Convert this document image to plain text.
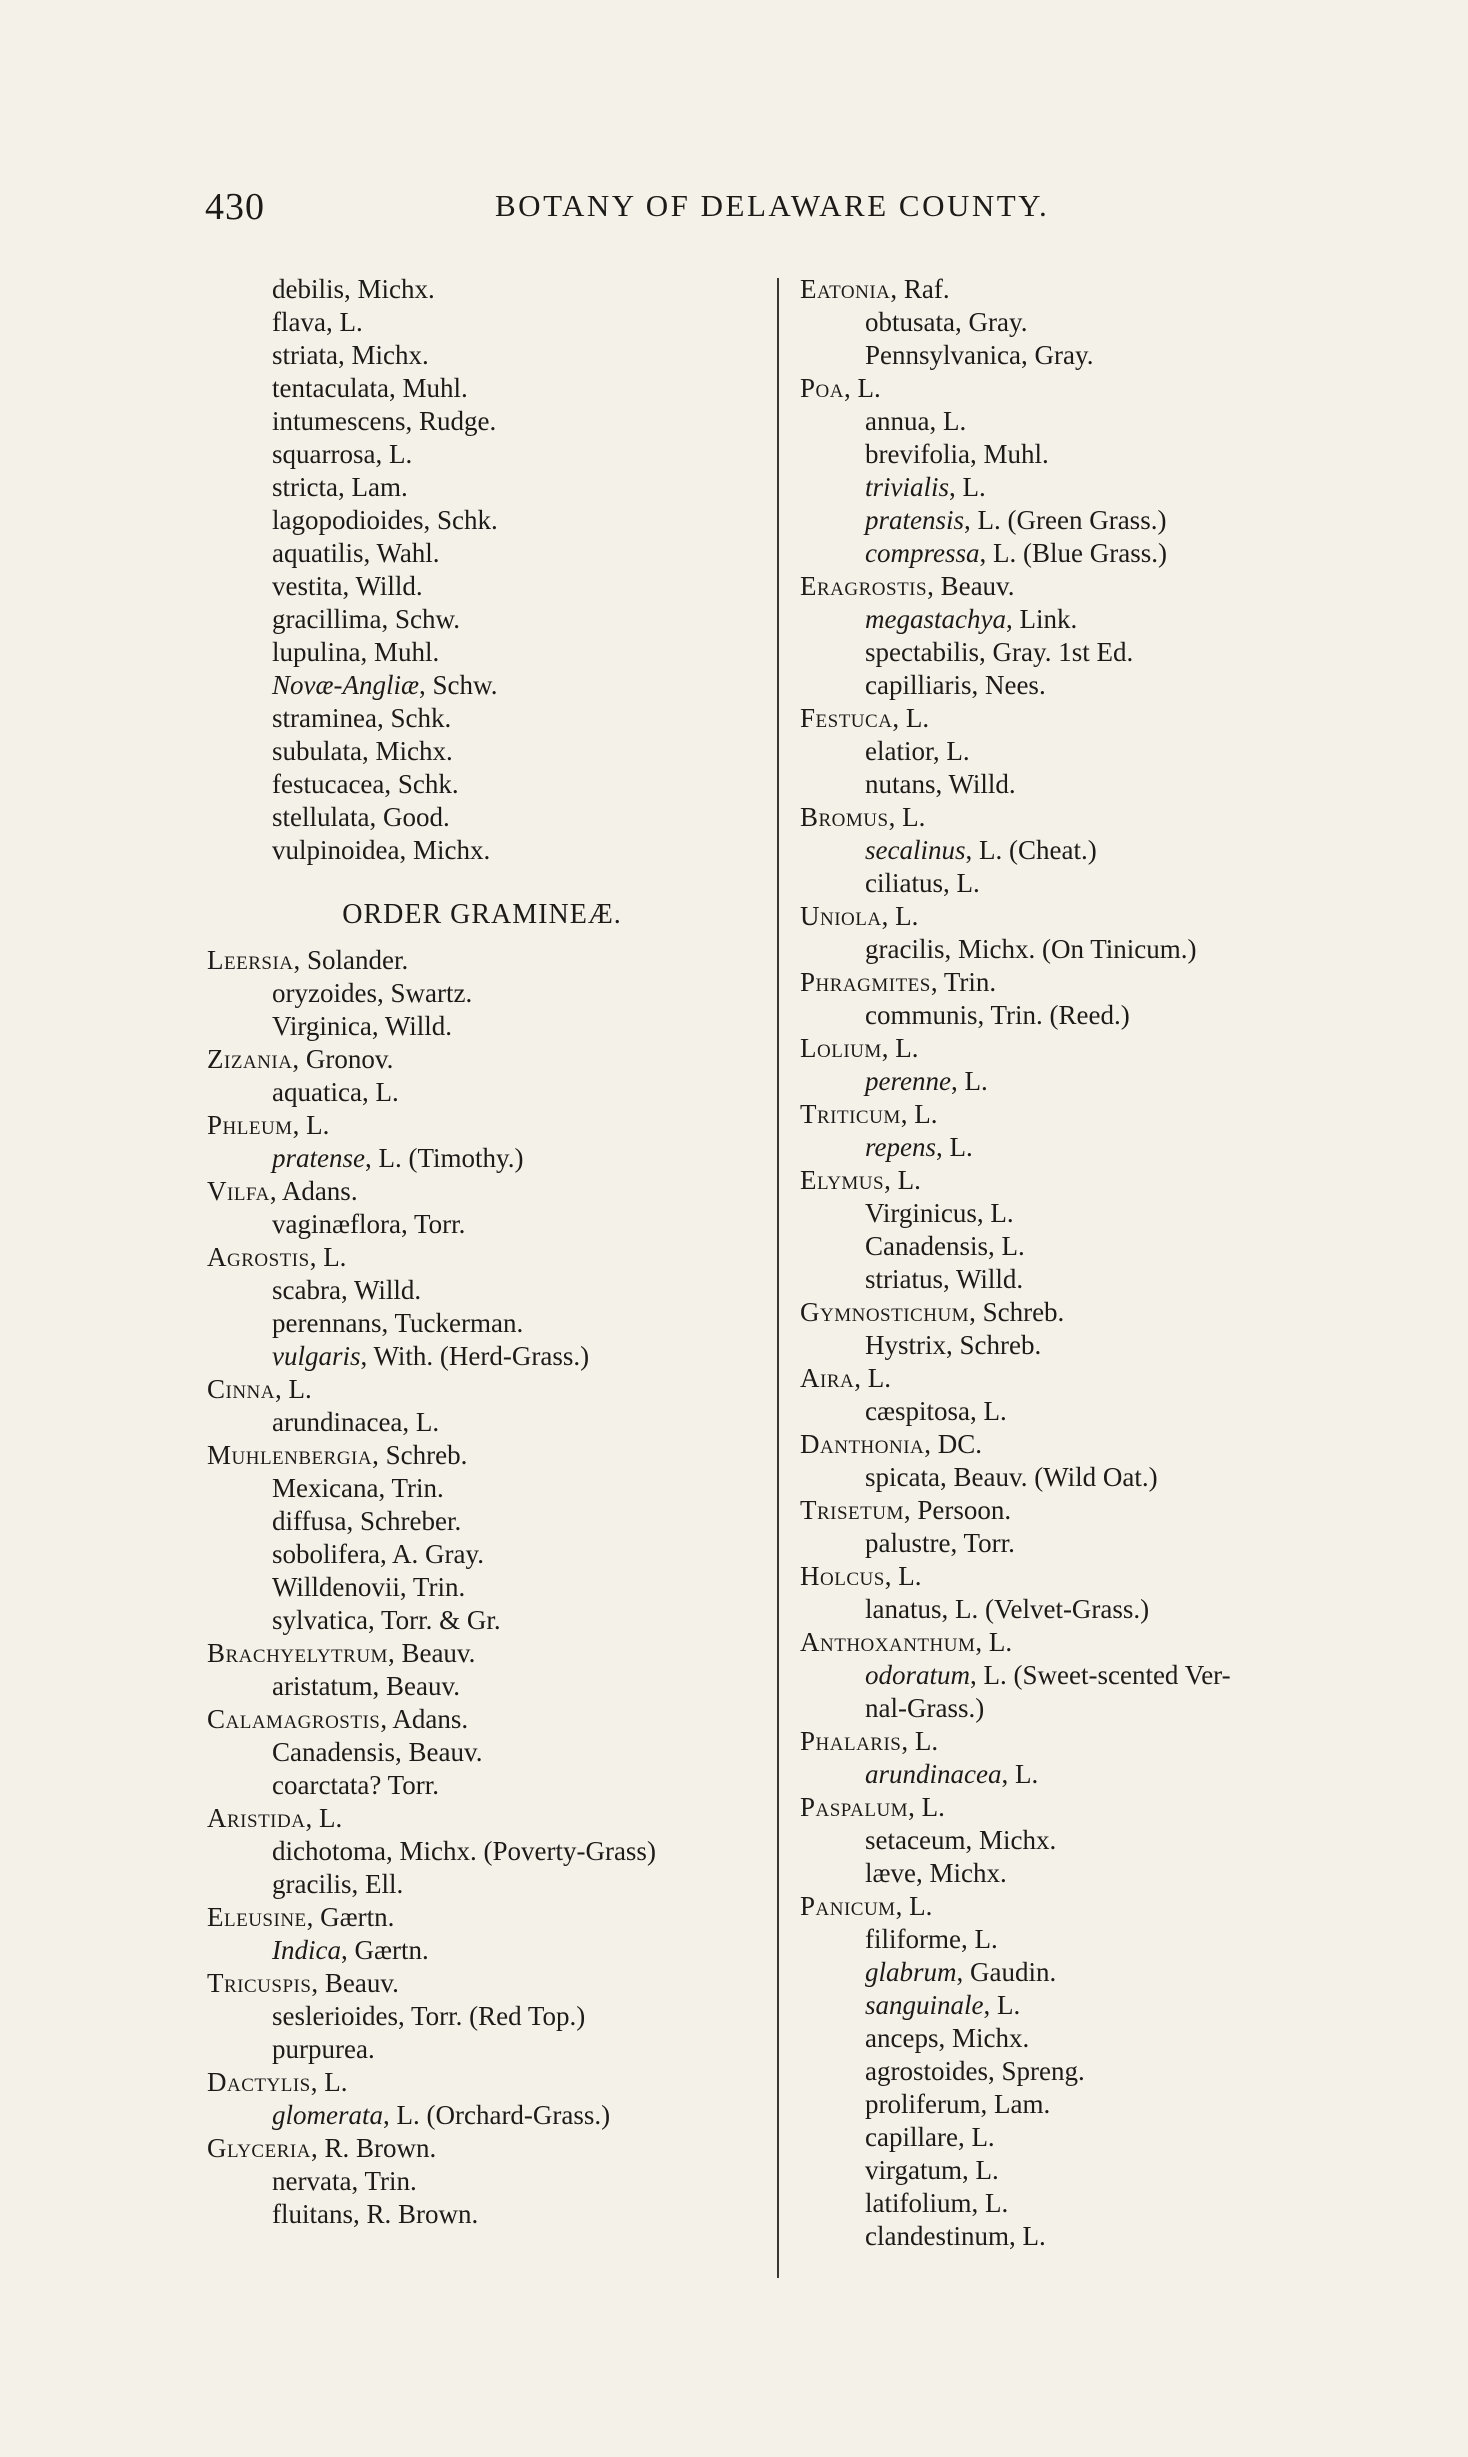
430	BOTANY OF DELAWARE COUNTY.
debilis, Michx.
flava, L.
striata, Michx.
tentaculata, Muhl.
intumescens, Rudge.
squarrosa, L.
stricta, Lam.
lagopodioides, Schk.
aquatilis, Wahl.
vestita, Willd.
gracillima, Schw.
lupulina, Muhl.
Novæ-Angliæ, Schw.
straminea, Schk.
subulata, Michx.
festucacea, Schk.
stellulata, Good.
vulpinoidea, Michx.
ORDER GRAMINEÆ.
Leersia, Solander.
oryzoides, Swartz.
Virginica, Willd.
Zizania, Gronov.
aquatica, L.
Phleum, L.
pratense, L. (Timothy.)
Vilfa, Adans.
vaginæflora, Torr.
Agrostis, L.
scabra, Willd.
perennans, Tuckerman.
vulgaris, With. (Herd-Grass.)
Cinna, L.
arundinacea, L.
Muhlenbergia, Schreb.
Mexicana, Trin.
diffusa, Schreber.
sobolifera, A. Gray.
Willdenovii, Trin.
sylvatica, Torr. & Gr.
Brachyelytrum, Beauv.
aristatum, Beauv.
Calamagrostis, Adans.
Canadensis, Beauv.
coarctata? Torr.
Aristida, L.
dichotoma, Michx. (Poverty-Grass)
gracilis, Ell.
Eleusine, Gærtn.
Indica, Gærtn.
Tricuspis, Beauv.
seslerioides, Torr. (Red Top.)
purpurea.
Dactylis, L.
glomerata, L. (Orchard-Grass.)
Glyceria, R. Brown.
nervata, Trin.
fluitans, R. Brown.
Eatonia, Raf.
obtusata, Gray.
Pennsylvanica, Gray.
Poa, L.
annua, L.
brevifolia, Muhl.
trivialis, L.
pratensis, L. (Green Grass.)
compressa, L. (Blue Grass.)
Eragrostis, Beauv.
megastachya, Link.
spectabilis, Gray. 1st Ed.
capilliaris, Nees.
Festuca, L.
elatior, L.
nutans, Willd.
Bromus, L.
secalinus, L. (Cheat.)
ciliatus, L.
Uniola, L.
gracilis, Michx. (On Tinicum.)
Phragmites, Trin.
communis, Trin. (Reed.)
Lolium, L.
perenne, L.
Triticum, L.
repens, L.
Elymus, L.
Virginicus, L.
Canadensis, L.
striatus, Willd.
Gymnostichum, Schreb.
Hystrix, Schreb.
Aira, L.
cæspitosa, L.
Danthonia, DC.
spicata, Beauv. (Wild Oat.)
Trisetum, Persoon.
palustre, Torr.
Holcus, L.
lanatus, L. (Velvet-Grass.)
Anthoxanthum, L.
odoratum, L. (Sweet-scented Ver-
nal-Grass.)
Phalaris, L.
arundinacea, L.
Paspalum, L.
setaceum, Michx.
læve, Michx.
Panicum, L.
filiforme, L.
glabrum, Gaudin.
sanguinale, L.
anceps, Michx.
agrostoides, Spreng.
proliferum, Lam.
capillare, L.
virgatum, L.
latifolium, L.
clandestinum, L.
